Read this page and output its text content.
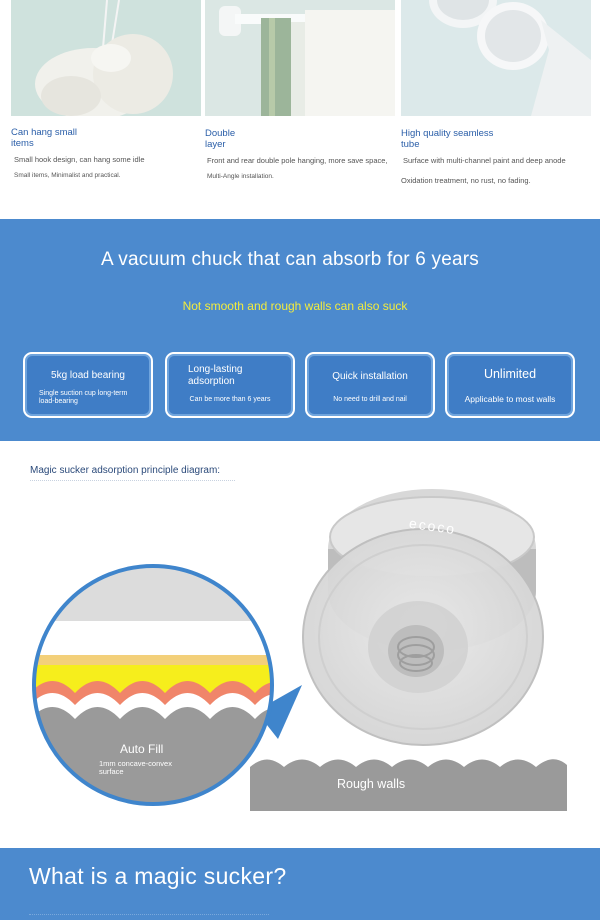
Can hang small
items
Small hook design, can hang some idle
Small items, Minimalist and practical.
Double
layer
Front and rear double pole hanging, more save space,
Multi-Angle installation.
High quality seamless
tube
Surface with multi-channel paint and deep anode
Oxidation treatment, no rust, no fading.
A vacuum chuck that can absorb for 6 years
Not smooth and rough walls can also suck
5kg load bearing
Single suction cup long-term
load-bearing
Long-lasting
adsorption
Can be more than 6 years
Quick installation
No need to drill and nail
Unlimited
Applicable to most walls
Magic sucker adsorption principle diagram:
ecoco
Auto Fill
1mm concave-convex
surface
Rough walls
What is a magic sucker?
